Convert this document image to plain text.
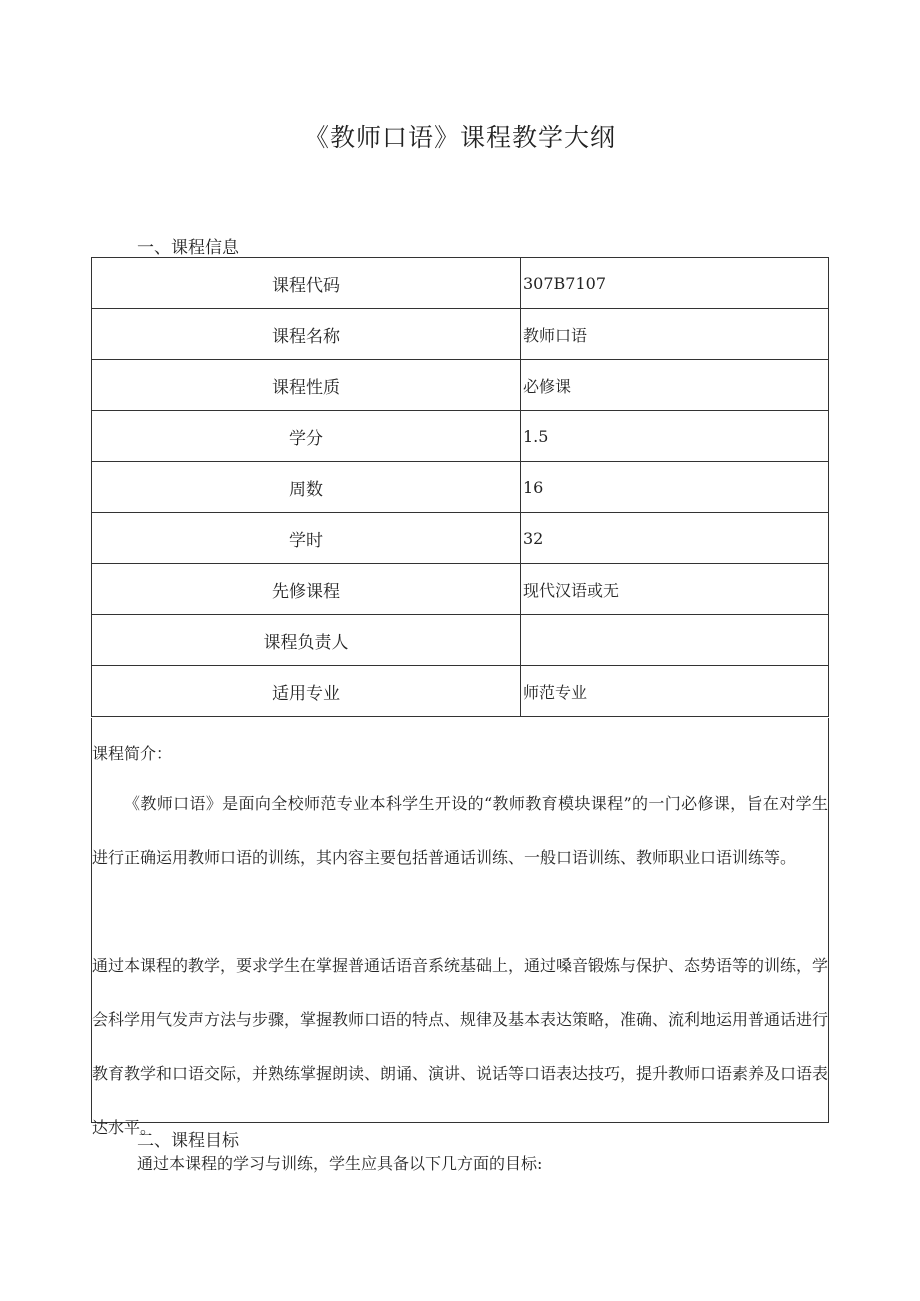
《教师口语》课程教学大纲
一、课程信息
课程代码	307B7107
课程名称	教师口语
课程性质	必修课
学分	1.5
周数	16
学时	32
先修课程	现代汉语或无
课程负责人	
适用专业	师范专业
课程简介：
《教师口语》是面向全校师范专业本科学生开设的“教师教育模块课程”的一门必修课，旨在对学生进行正确运用教师口语的训练，其内容主要包括普通话训练、一般口语训练、教师职业口语训练等。
通过本课程的教学，要求学生在掌握普通话语音系统基础上，通过嗓音锻炼与保护、态势语等的训练，学会科学用气发声方法与步骤，掌握教师口语的特点、规律及基本表达策略，准确、流利地运用普通话进行教育教学和口语交际，并熟练掌握朗读、朗诵、演讲、说话等口语表达技巧，提升教师口语素养及口语表达水平。
二、课程目标
通过本课程的学习与训练，学生应具备以下几方面的目标:
